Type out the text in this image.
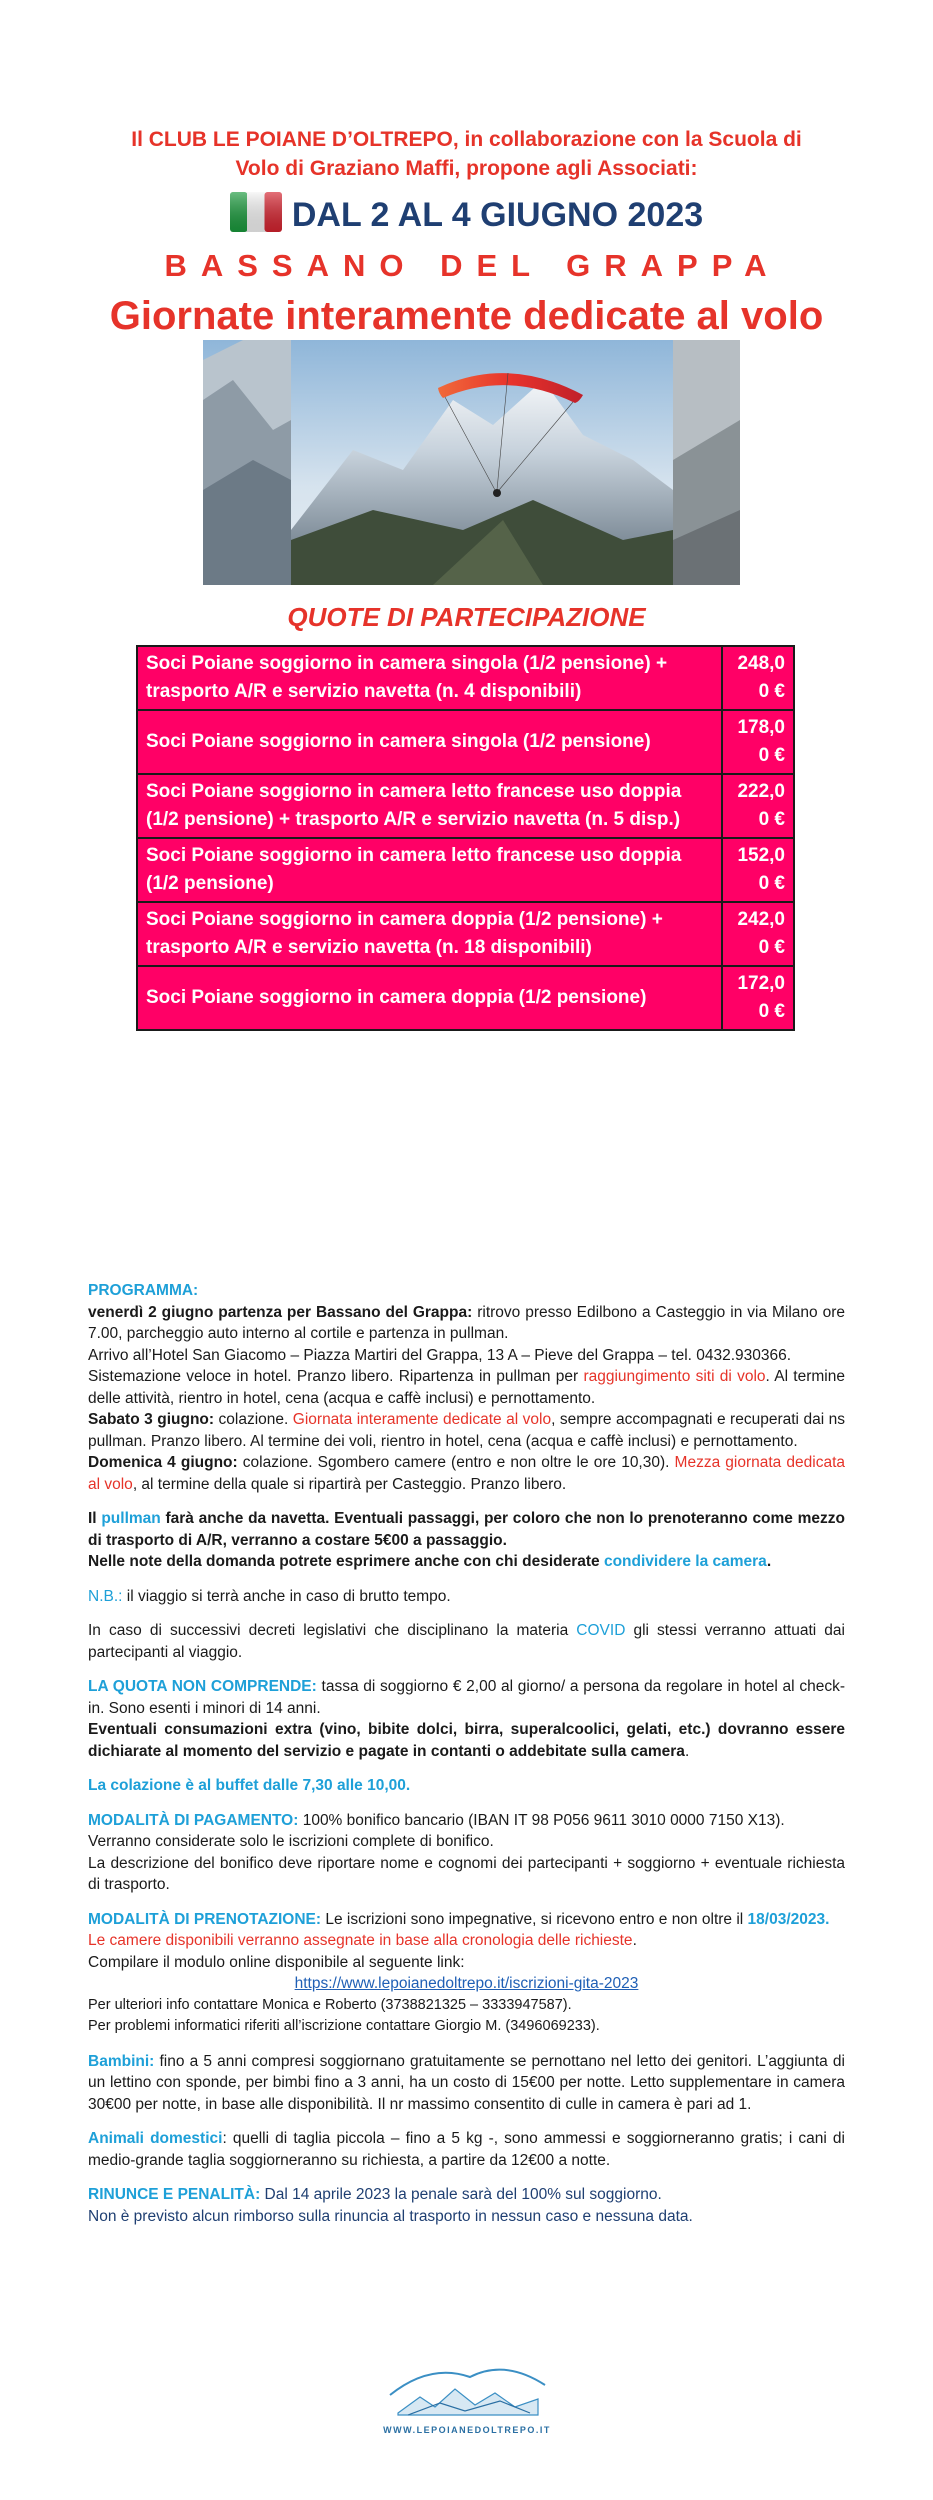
Il CLUB LE POIANE D’OLTREPO, in collaborazione con la Scuola di
Volo di Graziano Maffi, propone agli Associati:
DAL 2 AL 4 GIUGNO 2023
BASSANO DEL GRAPPA
Giornate interamente dedicate al volo
QUOTE DI PARTECIPAZIONE
Soci Poiane soggiorno in camera singola (1/2 pensione) + trasporto A/R e servizio navetta (n. 4 disponibili)	248,0
0 €

Soci Poiane soggiorno in camera singola (1/2 pensione)	178,0
0 €

Soci Poiane soggiorno in camera letto francese uso doppia (1/2 pensione) + trasporto A/R e servizio navetta (n. 5 disp.)	222,0
0 €

Soci Poiane soggiorno in camera letto francese uso doppia (1/2 pensione)	152,0
0 €

Soci Poiane soggiorno in camera doppia (1/2 pensione) + trasporto A/R e servizio navetta (n. 18 disponibili)	242,0
0 €

Soci Poiane soggiorno in camera doppia (1/2 pensione)	172,0
0 €

PROGRAMMA:

venerdì 2 giugno partenza per Bassano del Grappa: ritrovo presso Edilbono a Casteggio in via Milano ore 7.00, parcheggio auto interno al cortile e partenza in pullman.

Arrivo all’Hotel San Giacomo – Piazza Martiri del Grappa, 13 A – Pieve del Grappa – tel. 0432.930366.

Sistemazione veloce in hotel. Pranzo libero. Ripartenza in pullman per raggiungimento siti di volo. Al termine delle attività, rientro in hotel, cena (acqua e caffè inclusi) e pernottamento.

Sabato 3 giugno: colazione. Giornata interamente dedicate al volo, sempre accompagnati e recuperati dai ns pullman. Pranzo libero. Al termine dei voli, rientro in hotel, cena (acqua e caffè inclusi) e pernottamento.

Domenica 4 giugno: colazione. Sgombero camere (entro e non oltre le ore 10,30). Mezza giornata dedicata al volo, al termine della quale si ripartirà per Casteggio. Pranzo libero.

Il pullman farà anche da navetta. Eventuali passaggi, per coloro che non lo prenoteranno come mezzo di trasporto di A/R, verranno a costare 5€00 a passaggio.

Nelle note della domanda potrete esprimere anche con chi desiderate condividere la camera.

N.B.: il viaggio si terrà anche in caso di brutto tempo.

In caso di successivi decreti legislativi che disciplinano la materia COVID gli stessi verranno attuati dai partecipanti al viaggio.

LA QUOTA NON COMPRENDE: tassa di soggiorno € 2,00 al giorno/ a persona da regolare in hotel al check-in. Sono esenti i minori di 14 anni.

Eventuali consumazioni extra (vino, bibite dolci, birra, superalcoolici, gelati, etc.) dovranno essere dichiarate al momento del servizio e pagate in contanti o addebitate sulla camera.

La colazione è al buffet dalle 7,30 alle 10,00.

MODALITÀ DI PAGAMENTO: 100% bonifico bancario (IBAN IT 98 P056 9611 3010 0000 7150 X13).

Verranno considerate solo le iscrizioni complete di bonifico.

La descrizione del bonifico deve riportare nome e cognomi dei partecipanti + soggiorno + eventuale richiesta di trasporto.

MODALITÀ DI PRENOTAZIONE: Le iscrizioni sono impegnative, si ricevono entro e non oltre il 18/03/2023.

Le camere disponibili verranno assegnate in base alla cronologia delle richieste.

Compilare il modulo online disponibile al seguente link:

https://www.lepoianedoltrepo.it/iscrizioni-gita-2023

Per ulteriori info contattare Monica e Roberto (3738821325 – 3333947587).

Per problemi informatici riferiti all’iscrizione contattare Giorgio M. (3496069233).

Bambini: fino a 5 anni compresi soggiornano gratuitamente se pernottano nel letto dei genitori. L’aggiunta di un lettino con sponde, per bimbi fino a 3 anni, ha un costo di 15€00 per notte. Letto supplementare in camera 30€00 per notte, in base alle disponibilità. Il nr massimo consentito di culle in camera è pari ad 1.

Animali domestici: quelli di taglia piccola – fino a 5 kg -, sono ammessi e soggiorneranno gratis; i cani di medio-grande taglia soggiorneranno su richiesta, a partire da 12€00 a notte.

RINUNCE E PENALITÀ: Dal 14 aprile 2023 la penale sarà del 100% sul soggiorno.

Non è previsto alcun rimborso sulla rinuncia al trasporto in nessun caso e nessuna data.

WWW.LEPOIANEDOLTREPO.IT
